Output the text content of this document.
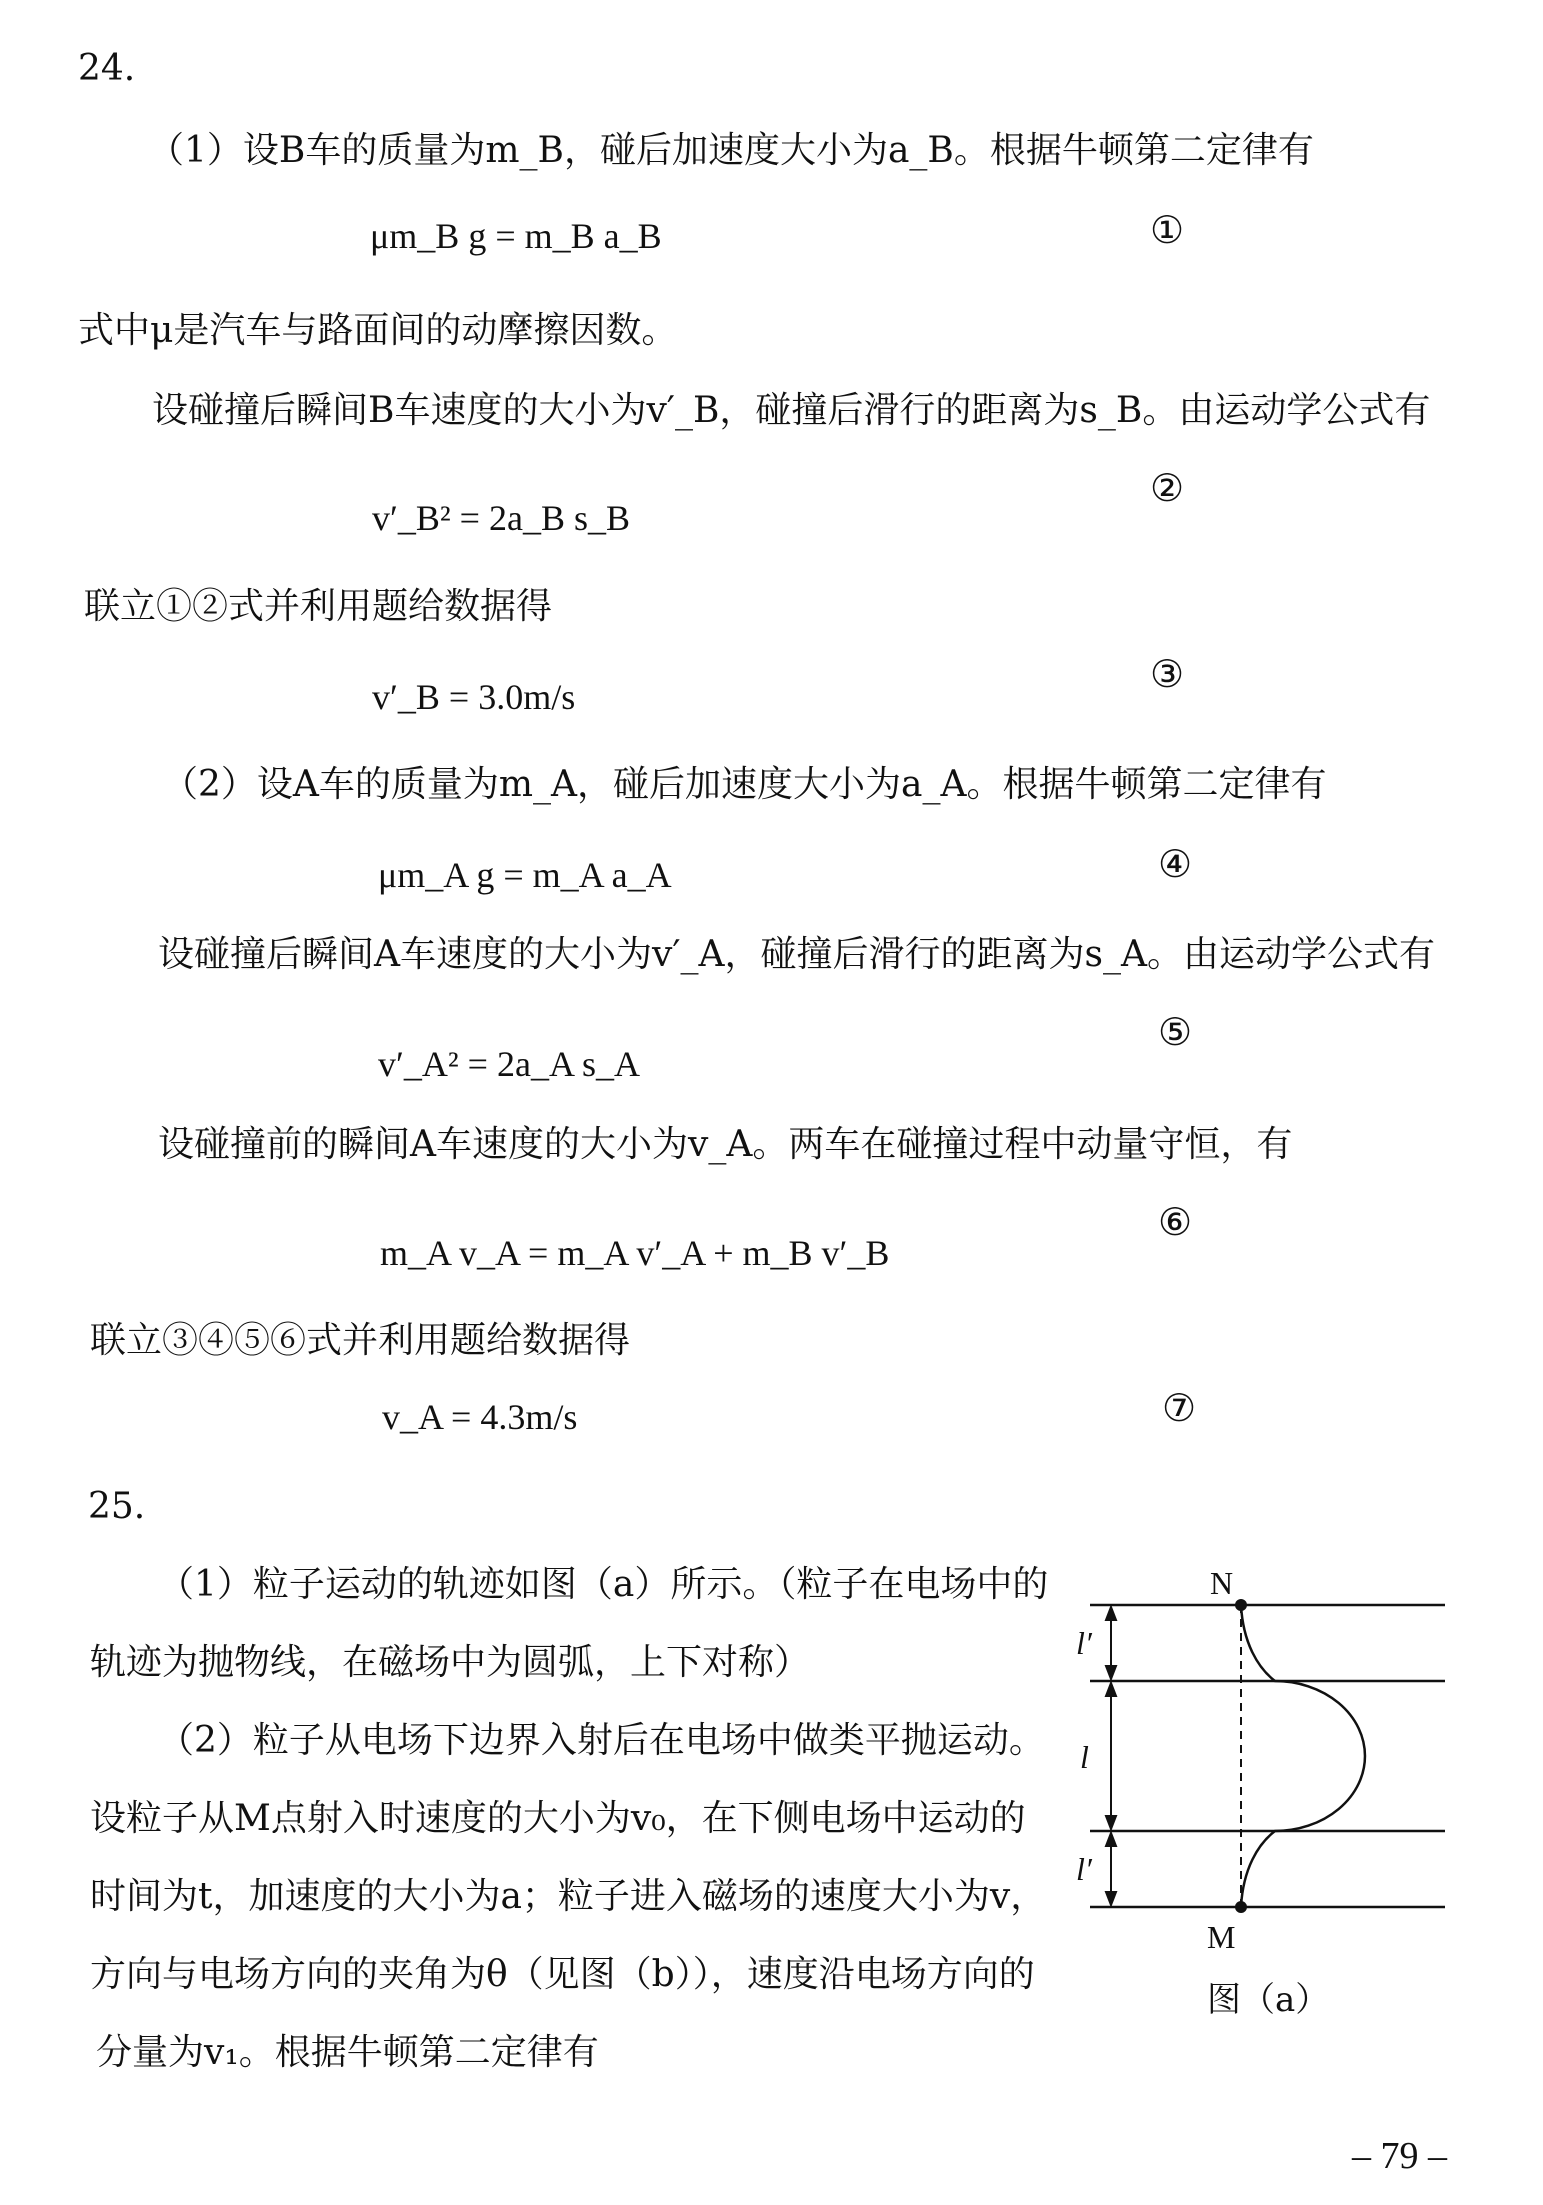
24.
（1）设B车的质量为m_B，碰后加速度大小为a_B。根据牛顿第二定律有
μm_B g = m_B a_B	①
式中μ是汽车与路面间的动摩擦因数。
设碰撞后瞬间B车速度的大小为v′_B，碰撞后滑行的距离为s_B。由运动学公式有
②
v′_B² = 2a_B s_B
联立①②式并利用题给数据得
v′_B = 3.0m/s
③
（2）设A车的质量为m_A，碰后加速度大小为a_A。根据牛顿第二定律有
μm_A g = m_A a_A	④
设碰撞后瞬间A车速度的大小为v′_A，碰撞后滑行的距离为s_A。由运动学公式有
⑤
v′_A² = 2a_A s_A
设碰撞前的瞬间A车速度的大小为v_A。两车在碰撞过程中动量守恒，有
⑥
m_A v_A = m_A v′_A + m_B v′_B
联立③④⑤⑥式并利用题给数据得
v_A = 4.3m/s	⑦
25.
（1）粒子运动的轨迹如图（a）所示。（粒子在电场中的
轨迹为抛物线，在磁场中为圆弧，上下对称）
（2）粒子从电场下边界入射后在电场中做类平抛运动。
设粒子从M点射入时速度的大小为v₀，在下侧电场中运动的
时间为t，加速度的大小为a；粒子进入磁场的速度大小为v，
方向与电场方向的夹角为θ（见图（b）），速度沿电场方向的
分量为v₁。根据牛顿第二定律有
N
M
l′
l
l′
图（a）
– 79 –
